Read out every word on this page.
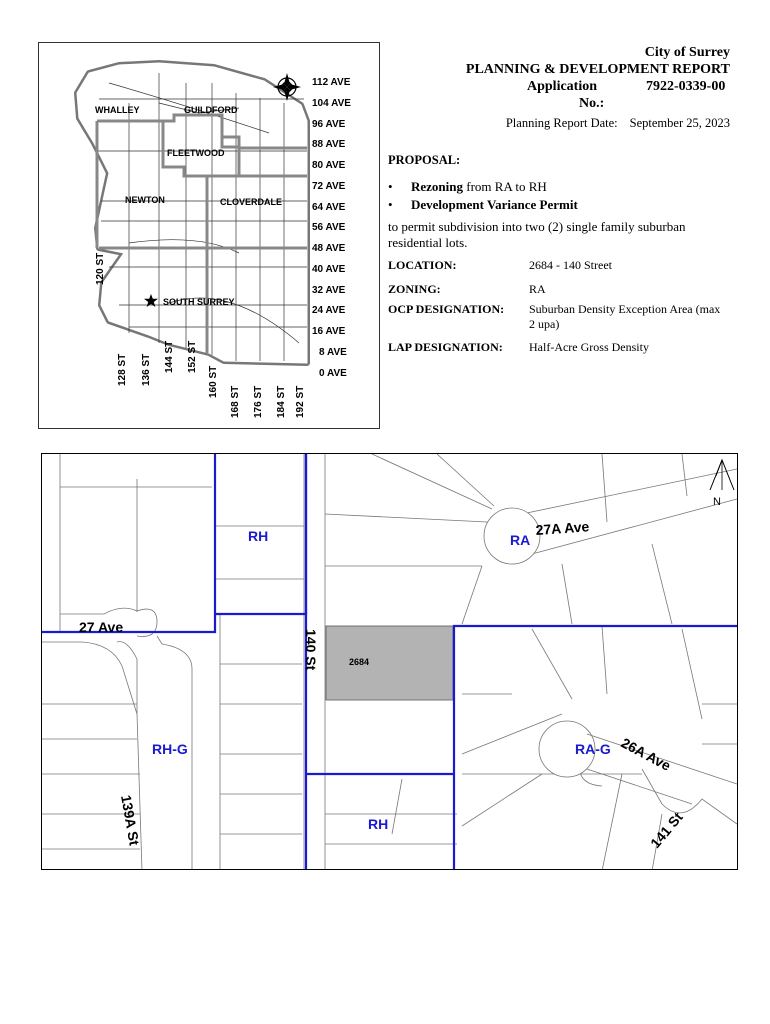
WHALLEY	GUILDFORD
FLEETWOOD
NEWTON	CLOVERDALE
SOUTH SURREY
112 AVE
104 AVE
96 AVE
88 AVE
80 AVE
72 AVE
64 AVE
56 AVE
48 AVE
40 AVE
32 AVE
24 AVE
16 AVE
8 AVE
0 AVE
120 ST
128 ST 136 ST 144 ST 152 ST
160 ST
168 ST 176 ST 184 ST 192 ST
City of Surrey
PLANNING & DEVELOPMENT REPORT
Application
No.:
7922-0339-00
Planning Report Date: September 25, 2023
PROPOSAL:
• Rezoning from RA to RH
• Development Variance Permit
to permit subdivision into two (2) single family suburban residential lots.
LOCATION:	2684 - 140 Street
ZONING:	RA
OCP DESIGNATION: Suburban Density Exception Area (max 2 upa)
LAP DESIGNATION: Half-Acre Gross Density
N
2684
27 Ave
27A Ave
140 St
139A St
26A Ave
141 St
RH	RA
RH-G	RA-G
RH
